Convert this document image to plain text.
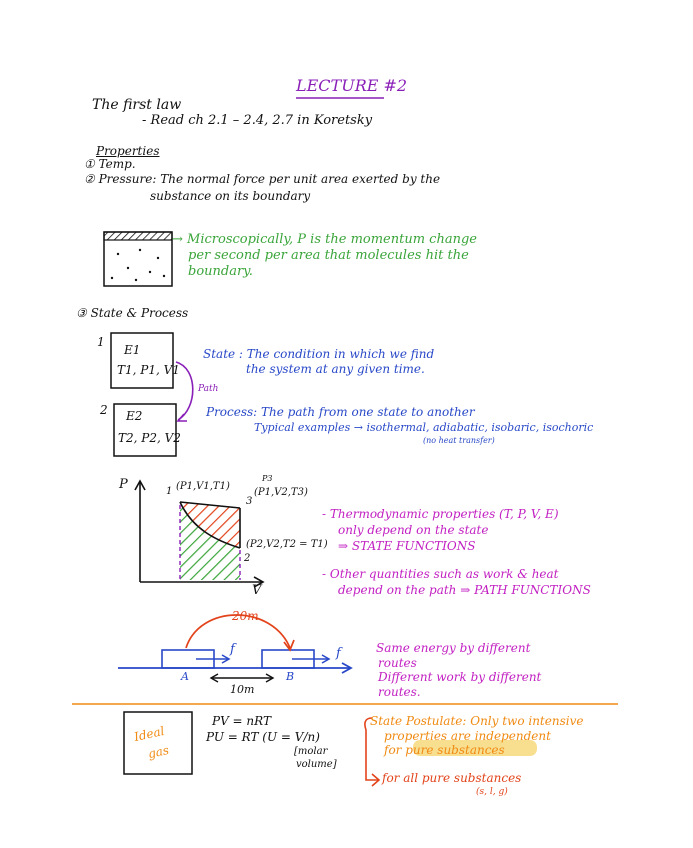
LECTURE #2
The first law
- Read ch 2.1 – 2.4, 2.7 in Koretsky
Properties
① Temp.
② Pressure: The normal force per unit area exerted by the
substance on its boundary
→ Microscopically, P is the momentum change
per second per area that molecules hit the
boundary.
③ State & Process
1
E1
T1, P1, V1
2 E2
T2, P2, V2
Path
State : The condition in which we find
the system at any given time.
Process: The path from one state to another
Typical examples → isothermal, adiabatic, isobaric, isochoric
(no heat transfer)
P
V
1 (P1,V1,T1)
3
(P1,V2,T3)
P3
2
(P2,V2,T2 = T1)
- Thermodynamic properties (T, P, V, E)
only depend on the state
⇒ STATE FUNCTIONS
- Other quantities such as work & heat
depend on the path ⇒ PATH FUNCTIONS
20m
A	B
10m
f	f	Same energy by different
routes
Different work by different
routes.
Ideal
gas
PV = nRT
PU = RT (U = V/n)
[molar
volume]
State Postulate: Only two intensive
properties are independent
for pure substances
for all pure substances
(s, l, g)
